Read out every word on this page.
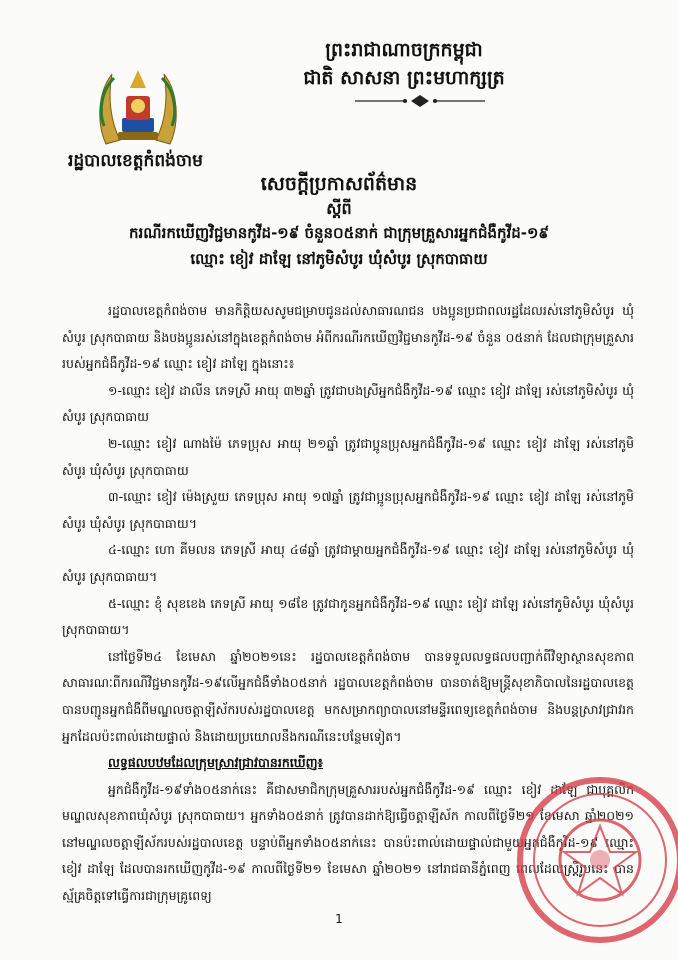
ព្រះរាជាណាចក្រកម្ពុជា
ជាតិ សាសនា ព្រះមហាក្សត្រ
រដ្ឋបាលខេត្តកំពង់ចាម
សេចក្តីប្រកាសព័ត៌មាន
ស្តីពី
ករណីរកឃើញវិជ្ជមានកូវីដ-១៩ ចំនួន០៥នាក់ ជាក្រុមគ្រួសារអ្នកជំងឺកូវីដ-១៩
ឈ្មោះ ខៀវ ដាឡែ នៅភូមិសំបូរ ឃុំសំបូរ ស្រុកបាធាយ

រដ្ឋបាលខេត្តកំពង់ចាម មានកិត្តិយសសូមជម្រាបជូនដល់សាធារណជន បងប្អូនប្រជាពលរដ្ឋដែលរស់នៅភូមិសំបូរ ឃុំសំបូរ ស្រុកបាធាយ និងបងប្អូនរស់នៅក្នុងខេត្តកំពង់ចាម អំពីករណីរកឃើញវិជ្ជមានកូវីដ-១៩ ចំនួន ០៥នាក់ ដែលជាក្រុមគ្រួសាររបស់អ្នកជំងឺកូវីដ-១៩ ឈ្មោះ ខៀវ ដាឡែ ក្នុងនោះ៖

១-ឈ្មោះ ខៀវ ដាលីន ភេទស្រី អាយុ ៣២ឆ្នាំ ត្រូវជាបងស្រីអ្នកជំងឺកូវីដ-១៩ ឈ្មោះ ខៀវ ដាឡែ រស់នៅភូមិសំបូរ ឃុំសំបូរ ស្រុកបាធាយ

២-ឈ្មោះ ខៀវ ណាងម៉ៃ ភេទប្រុស អាយុ ២១ឆ្នាំ ត្រូវជាប្អូនប្រុសអ្នកជំងឺកូវីដ-១៩ ឈ្មោះ ខៀវ ដាឡែ រស់នៅភូមិសំបូរ ឃុំសំបូរ ស្រុកបាធាយ

៣-ឈ្មោះ ខៀវ ម៉េងស្រួយ ភេទប្រុស អាយុ ១៧ឆ្នាំ ត្រូវជាប្អូនប្រុសអ្នកជំងឺកូវីដ-១៩ ឈ្មោះ ខៀវ ដាឡែ រស់នៅភូមិសំបូរ ឃុំសំបូរ ស្រុកបាធាយ។

៤-ឈ្មោះ ហោ គីមលន ភេទស្រី អាយុ ៤៨ឆ្នាំ ត្រូវជាម្តាយអ្នកជំងឺកូវីដ-១៩ ឈ្មោះ ខៀវ ដាឡែ រស់នៅភូមិសំបូរ ឃុំសំបូរ ស្រុកបាធាយ។

៥-ឈ្មោះ ខុំ សុខខេង ភេទស្រី អាយុ ១៨ខែ ត្រូវជាកូនអ្នកជំងឺកូវីដ-១៩ ឈ្មោះ ខៀវ ដាឡែ រស់នៅភូមិសំបូរ ឃុំសំបូរ ស្រុកបាធាយ។

នៅថ្ងៃទី២៤ ខែមេសា ឆ្នាំ២០២១នេះ រដ្ឋបាលខេត្តកំពង់ចាម បានទទួលលទ្ធផលបញ្ជាក់ពីវិទ្យាស្ថានសុខភាពសាធារណៈពីករណីវិជ្ជមានកូវីដ-១៩លើអ្នកជំងឺទាំង០៥នាក់ រដ្ឋបាលខេត្តកំពង់ចាម បានចាត់ឱ្យមន្ត្រីសុខាភិបាលនៃរដ្ឋបាលខេត្ត បានបញ្ជូនអ្នកជំងឺពីមណ្ឌលចត្តាឡីស័ករបស់រដ្ឋបាលខេត្ត មកសម្រាកព្យាបាលនៅមន្ទីរពេទ្យខេត្តកំពង់ចាម និងបន្តស្រាវជ្រាវរកអ្នកដែលប៉ះពាល់ដោយផ្ទាល់ និងដោយប្រយោលនឹងករណីនេះបន្ថែមទៀត។

លទ្ធផលបឋមដែលក្រុមស្រាវជ្រាវបានរកឃើញ៖

អ្នកជំងឺកូវីដ-១៩ទាំង០៥នាក់នេះ គឺជាសមាជិកក្រុមគ្រួសាររបស់អ្នកជំងឺកូវីដ-១៩ ឈ្មោះ ខៀវ ដាឡែ ជាបុគ្គលិកមណ្ឌលសុខភាពឃុំសំបូរ ស្រុកបាធាយ។ អ្នកទាំង០៥នាក់ ត្រូវបានដាក់ឱ្យធ្វើចត្តាឡីស័ក កាលពីថ្ងៃទី២១ ខែមេសា ឆ្នាំ២០២១ នៅមណ្ឌលចត្តាឡីស័ករបស់រដ្ឋបាលខេត្ត បន្ទាប់ពីអ្នកទាំង០៥នាក់នេះ បានប៉ះពាល់ដោយផ្ទាល់ជាមួយអ្នកជំងឺកូវីដ-១៩ ឈ្មោះ ខៀវ ដាឡែ ដែលបានរកឃើញកូវីដ-១៩ កាលពីថ្ងៃទី២១ ខែមេសា ឆ្នាំ២០២១ នៅរាជធានីភ្នំពេញ ពេលដែលស្ត្រីរូបនេះ បានស្ម័គ្រចិត្តទៅធ្វើការជាក្រុមគ្រូពេទ្យ

1
